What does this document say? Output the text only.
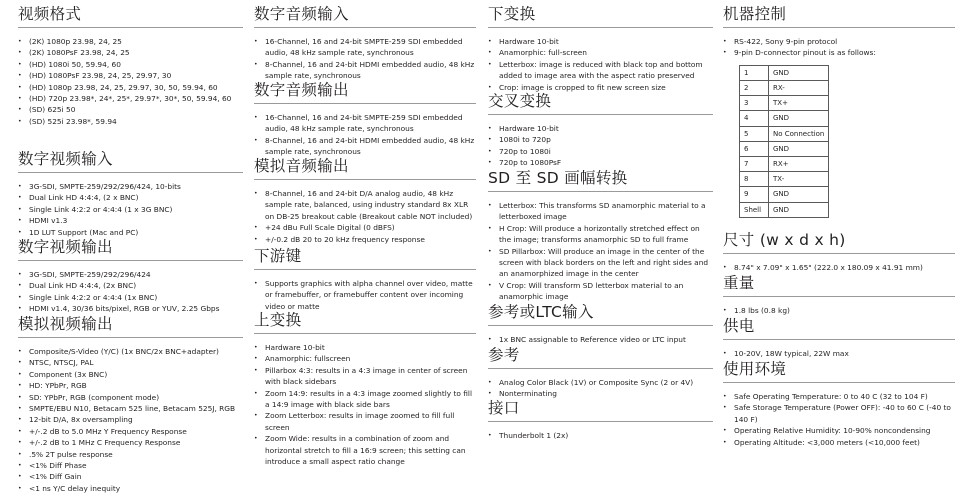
视频格式
• (2K) 1080p 23.98, 24, 25
• (2K) 1080PsF 23.98, 24, 25
• (HD) 1080i 50, 59.94, 60
• (HD) 1080PsF 23.98, 24, 25, 29.97, 30
• (HD) 1080p 23.98, 24, 25, 29.97, 30, 50, 59.94, 60
• (HD) 720p 23.98*, 24*, 25*, 29.97*, 30*, 50, 59.94, 60
• (SD) 625i 50
• (SD) 525i 23.98*, 59.94
数字视频输入
• 3G-SDI, SMPTE-259/292/296/424, 10-bits
• Dual Link HD 4:4:4, (2 x BNC)
• Single Link 4:2:2 or 4:4:4 (1 x 3G BNC)
• HDMI v1.3
• 1D LUT Support (Mac and PC)
数字视频输出
• 3G-SDI, SMPTE-259/292/296/424
• Dual Link HD 4:4:4, (2x BNC)
• Single Link 4:2:2 or 4:4:4 (1x BNC)
• HDMI v1.4, 30/36 bits/pixel, RGB or YUV, 2.25 Gbps
模拟视频输出
• Composite/S-Video (Y/C) (1x BNC/2x BNC+adapter)
• NTSC, NTSCJ, PAL
• Component (3x BNC)
• HD: YPbPr, RGB
• SD: YPbPr, RGB (component mode)
• SMPTE/EBU N10, Betacam 525 line, Betacam 525J, RGB
• 12-bit D/A, 8x oversampling
• +/-.2 dB to 5.0 MHz Y Frequency Response
• +/-.2 dB to 1 MHz C Frequency Response
• .5% 2T pulse response
• <1% Diff Phase
• <1% Diff Gain
• <1 ns Y/C delay inequity
数字音频输入
• 16-Channel, 16 and 24-bit SMPTE-259 SDI embedded audio, 48 kHz sample rate, synchronous
• 8-Channel, 16 and 24-bit HDMI embedded audio, 48 kHz sample rate, synchronous
数字音频输出
• 16-Channel, 16 and 24-bit SMPTE-259 SDI embedded audio, 48 kHz sample rate, synchronous
• 8-Channel, 16 and 24-bit HDMI embedded audio, 48 kHz sample rate, synchronous
模拟音频输出
• 8-Channel, 16 and 24-bit D/A analog audio, 48 kHz sample rate, balanced, using industry standard 8x XLR on DB-25 breakout cable (Breakout cable NOT included)
• +24 dBu Full Scale Digital (0 dBFS)
• +/-0.2 dB 20 to 20 kHz frequency response
下游键
• Supports graphics with alpha channel over video, matte or framebuffer, or framebuffer content over incoming video or matte
上变换
• Hardware 10-bit
• Anamorphic: fullscreen
• Pillarbox 4:3: results in a 4:3 image in center of screen with black sidebars
• Zoom 14:9: results in a 4:3 image zoomed slightly to fill a 14:9 image with black side bars
• Zoom Letterbox: results in image zoomed to fill full screen
• Zoom Wide: results in a combination of zoom and horizontal stretch to fill a 16:9 screen; this setting can introduce a small aspect ratio change
下变换
• Hardware 10-bit
• Anamorphic: full-screen
• Letterbox: image is reduced with black top and bottom added to image area with the aspect ratio preserved
• Crop: image is cropped to fit new screen size
交叉变换
• Hardware 10-bit
• 1080i to 720p
• 720p to 1080i
• 720p to 1080PsF
SD 至 SD 画幅转换
• Letterbox: This transforms SD anamorphic material to a letterboxed image
• H Crop: Will produce a horizontally stretched effect on the image; transforms anamorphic SD to full frame
• SD Pillarbox: Will produce an image in the center of the screen with black borders on the left and right sides and an anamorphized image in the center
• V Crop: Will transform SD letterbox material to an anamorphic image
参考或LTC输入
• 1x BNC assignable to Reference video or LTC input
参考
• Analog Color Black (1V) or Composite Sync (2 or 4V)
• Nonterminating
接口
• Thunderbolt 1 (2x)
机器控制
• RS-422, Sony 9-pin protocol
• 9-pin D-connector pinout is as follows:
1	GND
2	RX-
3	TX+
4	GND
5	No Connection
6	GND
7	RX+
8	TX-
9	GND
Shell	GND
尺寸 (w x d x h)
• 8.74" x 7.09" x 1.65" (222.0 x 180.09 x 41.91 mm)
重量
• 1.8 lbs (0.8 kg)
供电
• 10-20V, 18W typical, 22W max
使用环境
• Safe Operating Temperature: 0 to 40 C (32 to 104 F)
• Safe Storage Temperature (Power OFF): -40 to 60 C (-40 to 140 F)
• Operating Relative Humidity: 10-90% noncondensing
• Operating Altitude: <3,000 meters (<10,000 feet)
